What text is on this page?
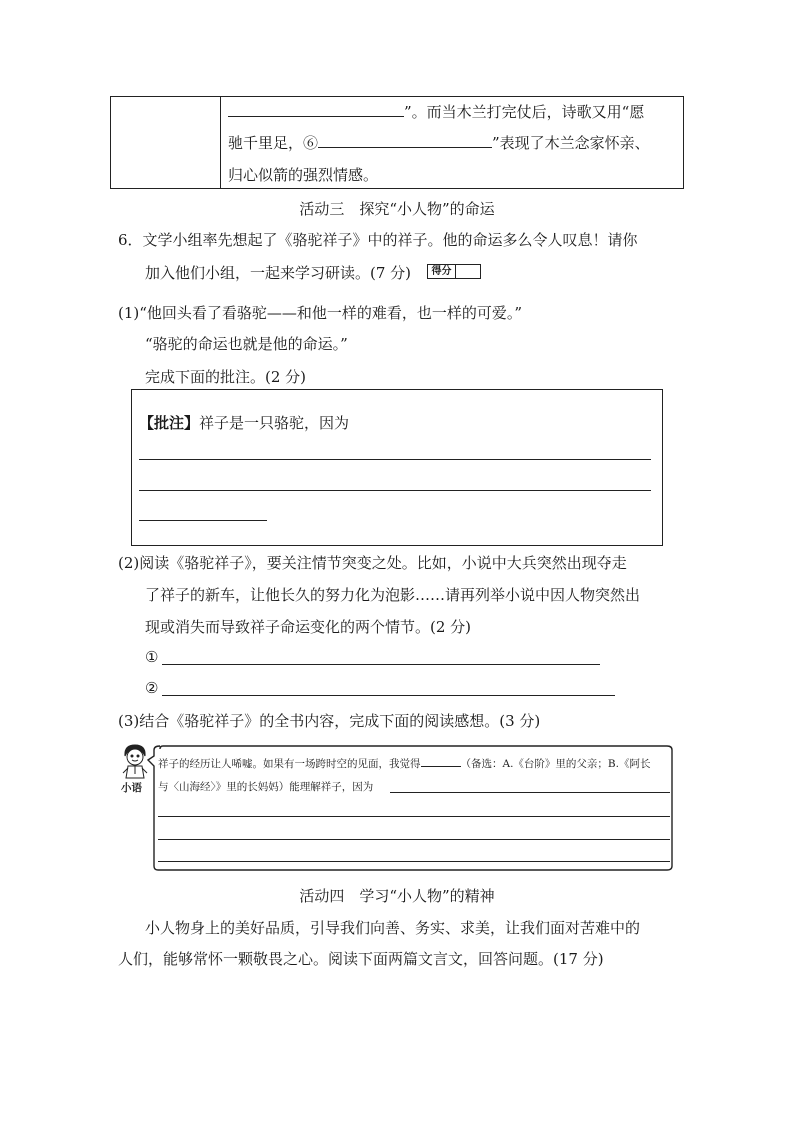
”。而当木兰打完仗后，诗歌又用“愿
驰千里足，⑥	”表现了木兰念家怀亲、
归心似箭的强烈情感。
活动三　探究“小人物”的命运
6．文学小组率先想起了《骆驼祥子》中的祥子。他的命运多么令人叹息！请你
加入他们小组，一起来学习研读。(7 分)	得分
(1)“他回头看了看骆驼——和他一样的难看，也一样的可爱。”
“骆驼的命运也就是他的命运。”
完成下面的批注。(2 分)
【批注】祥子是一只骆驼，因为
(2)阅读《骆驼祥子》，要关注情节突变之处。比如，小说中大兵突然出现夺走
了祥子的新车，让他长久的努力化为泡影……请再列举小说中因人物突然出
现或消失而导致祥子命运变化的两个情节。(2 分)
①
②
(3)结合《骆驼祥子》的全书内容，完成下面的阅读感想。(3 分)
小语
祥子的经历让人唏嘘。如果有一场跨时空的见面，我觉得	（备选：A.《台阶》里的父亲；B.《阿长
与〈山海经〉》里的长妈妈）能理解祥子，因为
活动四　学习“小人物”的精神
小人物身上的美好品质，引导我们向善、务实、求美，让我们面对苦难中的
人们，能够常怀一颗敬畏之心。阅读下面两篇文言文，回答问题。(17 分)
